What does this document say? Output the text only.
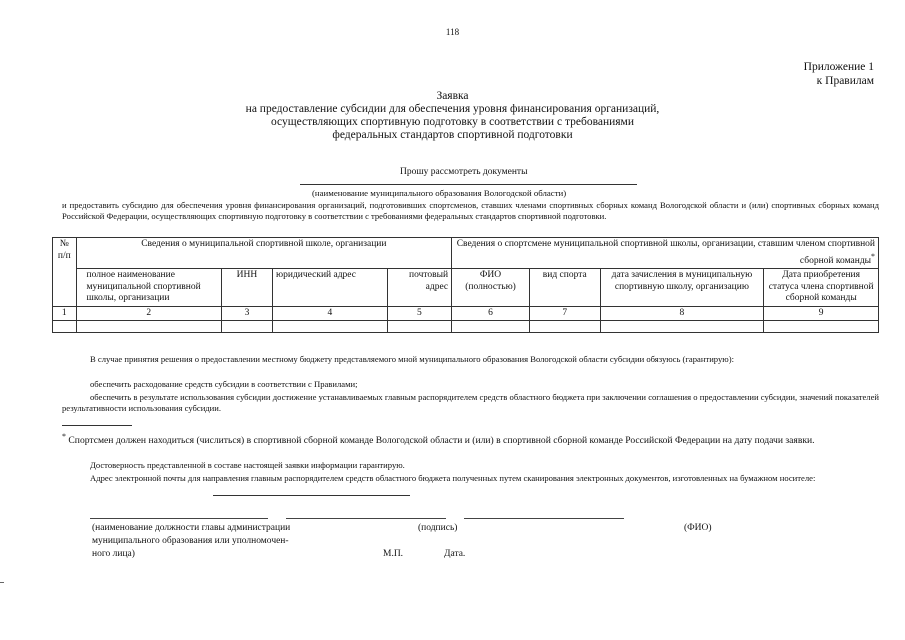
118
Приложение 1
к Правилам
Заявка
на предоставление субсидии для обеспечения уровня финансирования организаций,
осуществляющих спортивную подготовку в соответствии с требованиями
федеральных стандартов спортивной подготовки
Прошу рассмотреть документы
(наименование муниципального образования Вологодской области)
и предоставить субсидию для обеспечения уровня финансирования организаций, подготовивших спортсменов, ставших членами спортивных сборных команд Вологодской области и (или) спортивных сборных команд Российской Федерации, осуществляющих спортивную подготовку в соответствии с требованиями федеральных стандартов спортивной подготовки.
№ п/п	Сведения о муниципальной спортивной школе, организации				Сведения о спортсмене муниципальной спортивной школы, организации, ставшим членом спортивной сборной команды*
	полное наименование муниципальной спортивной школы, организации	ИНН	юридический адрес	почтовый адрес	ФИО (полностью)	вид спорта	дата зачисления в муниципальную спортивную школу, организацию	Дата приобретения статуса члена спортивной сборной команды
1	2	3	4	5	6	7	8	9

В случае принятия решения о предоставлении местному бюджету представляемого мной муниципального образования Вологодской области субсидии обязуюсь (гарантирую):
обеспечить расходование средств субсидии в соответствии с Правилами;
обеспечить в результате использования субсидии достижение устанавливаемых главным распорядителем средств областного бюджета при заключении соглашения о предоставлении субсидии, значений показателей результативности использования субсидии.
* Спортсмен должен находиться (числиться) в спортивной сборной команде Вологодской области и (или) в спортивной сборной команде Российской Федерации на дату подачи заявки.
Достоверность представленной в составе настоящей заявки информации гарантирую.
Адрес электронной почты для направления главным распорядителем средств областного бюджета полученных путем сканирования электронных документов, изготовленных на бумажном носителе:
(наименование должности главы администрации
муниципального образования или уполномочен-
ного лица)
(подпись)	(ФИО)
М.П.	Дата.
